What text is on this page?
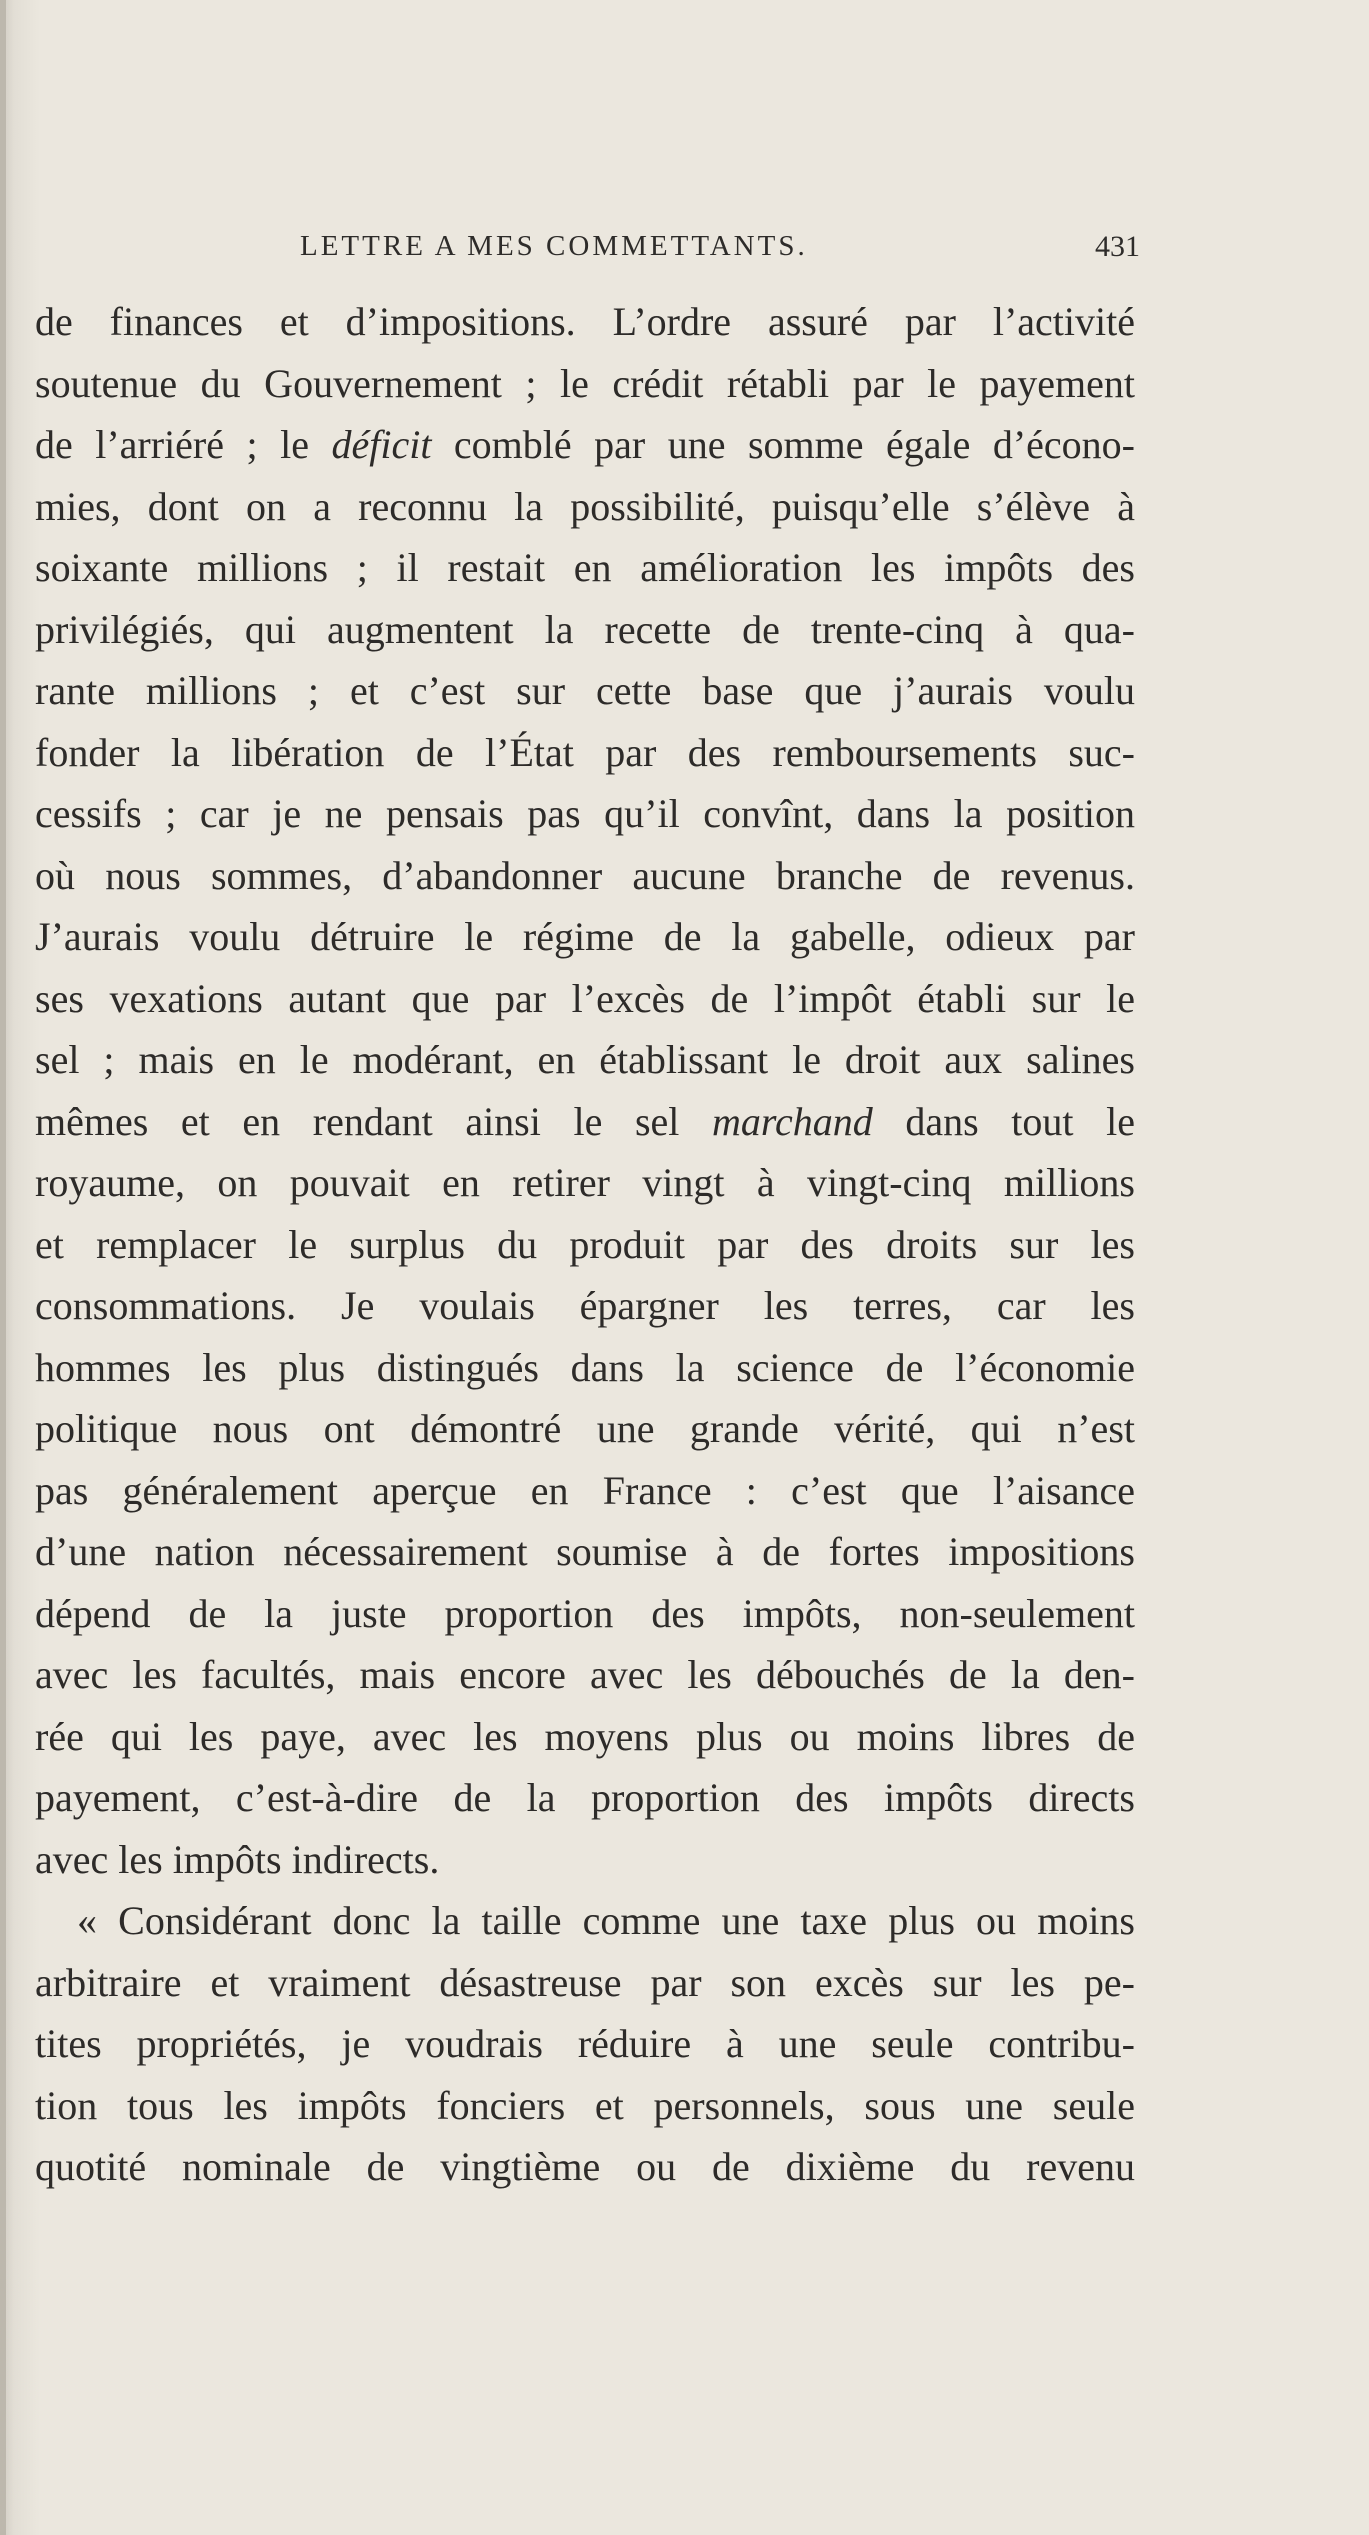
LETTRE A MES COMMETTANTS.	431
de finances et d’impositions. L’ordre assuré par l’activité
soutenue du Gouvernement ; le crédit rétabli par le payement
de l’arriéré ; le déficit comblé par une somme égale d’écono-
mies, dont on a reconnu la possibilité, puisqu’elle s’élève à
soixante millions ; il restait en amélioration les impôts des
privilégiés, qui augmentent la recette de trente-cinq à qua-
rante millions ; et c’est sur cette base que j’aurais voulu
fonder la libération de l’État par des remboursements suc-
cessifs ; car je ne pensais pas qu’il convînt, dans la position
où nous sommes, d’abandonner aucune branche de revenus.
J’aurais voulu détruire le régime de la gabelle, odieux par
ses vexations autant que par l’excès de l’impôt établi sur le
sel ; mais en le modérant, en établissant le droit aux salines
mêmes et en rendant ainsi le sel marchand dans tout le
royaume, on pouvait en retirer vingt à vingt-cinq millions
et remplacer le surplus du produit par des droits sur les
consommations. Je voulais épargner les terres, car les
hommes les plus distingués dans la science de l’économie
politique nous ont démontré une grande vérité, qui n’est
pas généralement aperçue en France : c’est que l’aisance
d’une nation nécessairement soumise à de fortes impositions
dépend de la juste proportion des impôts, non-seulement
avec les facultés, mais encore avec les débouchés de la den-
rée qui les paye, avec les moyens plus ou moins libres de
payement, c’est-à-dire de la proportion des impôts directs
avec les impôts indirects.
« Considérant donc la taille comme une taxe plus ou moins
arbitraire et vraiment désastreuse par son excès sur les pe-
tites propriétés, je voudrais réduire à une seule contribu-
tion tous les impôts fonciers et personnels, sous une seule
quotité nominale de vingtième ou de dixième du revenu
